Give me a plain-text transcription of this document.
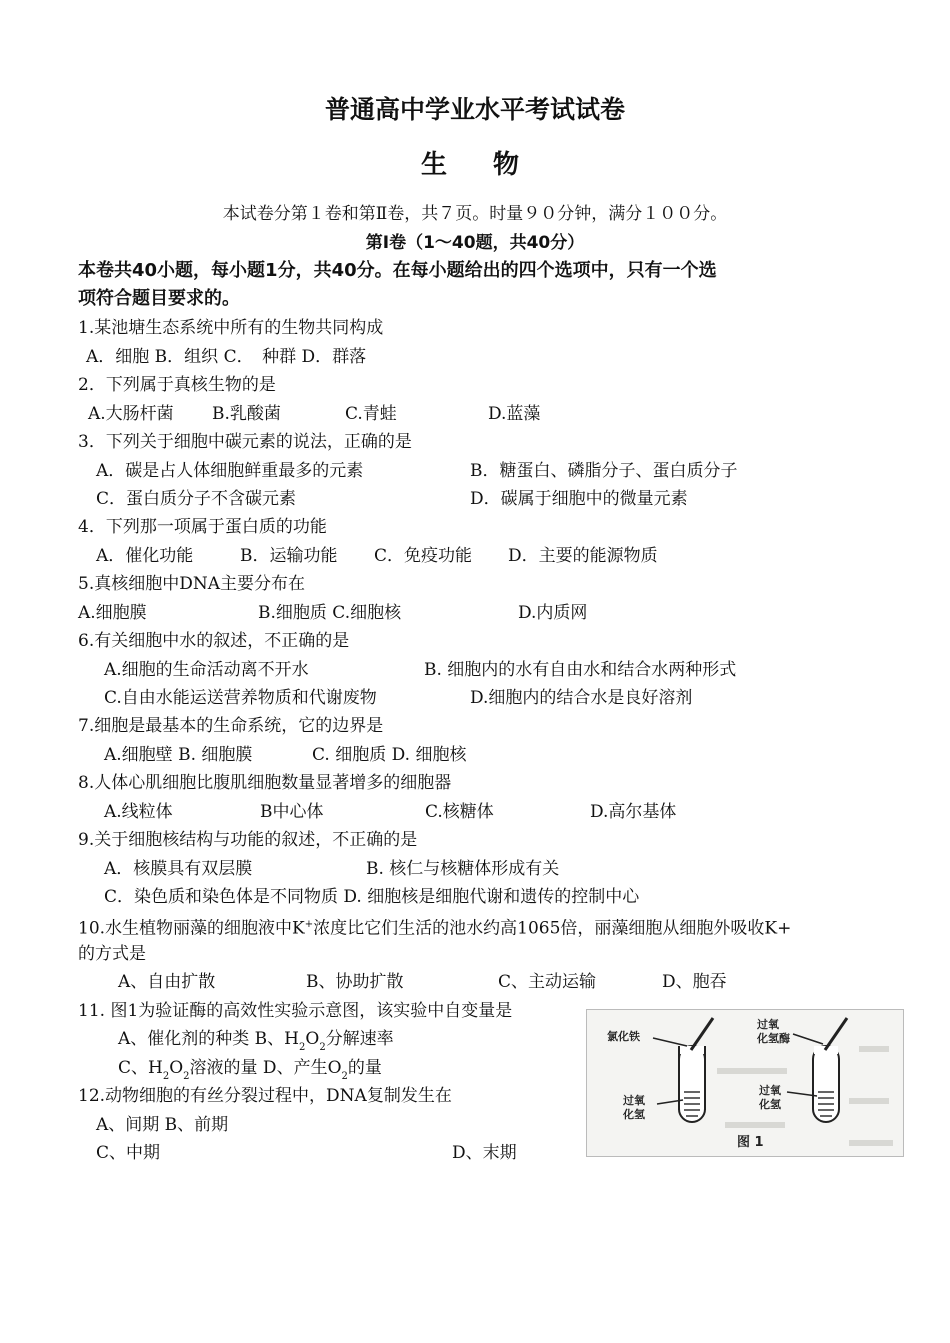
普通高中学业水平考试试卷
生　物
本试卷分第１卷和第Ⅱ卷，共７页。时量９０分钟，满分１００分。
第Ⅰ卷（1～40题，共40分）
本卷共40小题，每小题1分，共40分。在每小题给出的四个选项中，只有一个选
项符合题目要求的。
1.某池塘生态系统中所有的生物共同构成
A．细胞 B．组织 C．　种群 D．群落
2．下列属于真核生物的是
A.大肠杆菌 B.乳酸菌	C.青蛙	D.蓝藻
3．下列关于细胞中碳元素的说法，正确的是
A．碳是占人体细胞鲜重最多的元素	B．糖蛋白、磷脂分子、蛋白质分子
C．蛋白质分子不含碳元素	D．碳属于细胞中的微量元素
4．下列那一项属于蛋白质的功能
A．催化功能	B．运输功能 C．免疫功能 D．主要的能源物质
5.真核细胞中DNA主要分布在
A.细胞膜	B.细胞质 C.细胞核	D.内质网
6.有关细胞中水的叙述，不正确的是
A.细胞的生命活动离不开水	B. 细胞内的水有自由水和结合水两种形式
C.自由水能运送营养物质和代谢废物	D.细胞内的结合水是良好溶剂
7.细胞是最基本的生命系统，它的边界是
A.细胞壁 B. 细胞膜	C. 细胞质 D. 细胞核
8.人体心肌细胞比腹肌细胞数量显著增多的细胞器
A.线粒体	B中心体	C.核糖体	D.高尔基体
9.关于细胞核结构与功能的叙述，不正确的是
A．核膜具有双层膜	B. 核仁与核糖体形成有关
C．染色质和染色体是不同物质 D. 细胞核是细胞代谢和遗传的控制中心
10.水生植物丽藻的细胞液中K+浓度比它们生活的池水约高1065倍，丽藻细胞从细胞外吸收K+
的方式是
A、自由扩散	B、协助扩散	C、主动运输	D、胞吞
11. 图1为验证酶的高效性实验示意图，该实验中自变量是
A、催化剂的种类 B、$H_2O_2$分解速率
C、$H_2O_2$溶液的量 D、产生$O_2$的量
12.动物细胞的有丝分裂过程中，DNA复制发生在
A、间期 B、前期
C、中期	D、末期
氯化铁
过氧
化氢酶
过氧
化氢
过氧
化氢
图 1
